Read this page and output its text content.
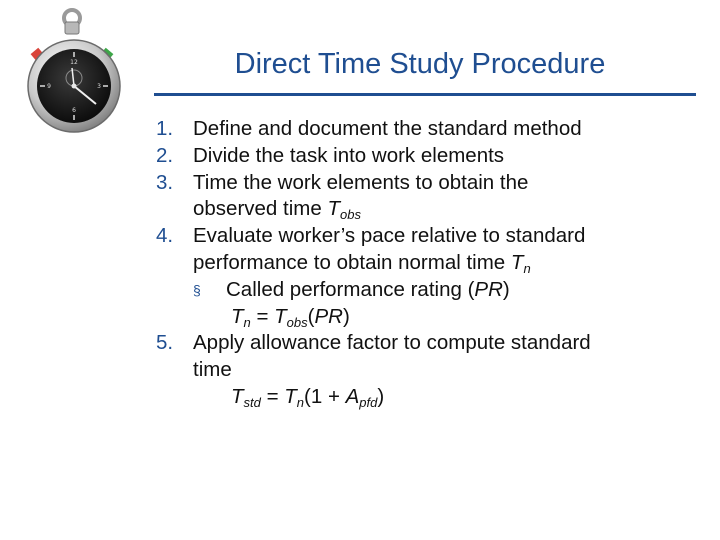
12
3
6
9
Direct Time Study Procedure
1. Define and document the standard method
2. Divide the task into work elements
3. Time the work elements to obtain the
observed time $T_{obs}$
4. Evaluate worker’s pace relative to standard
performance to obtain normal time $T_n$
§ Called performance rating (PR)
$T_n = T_{obs}(PR)$
5. Apply allowance factor to compute standard
time
$T_{std} = T_n(1 + A_{pfd})$
